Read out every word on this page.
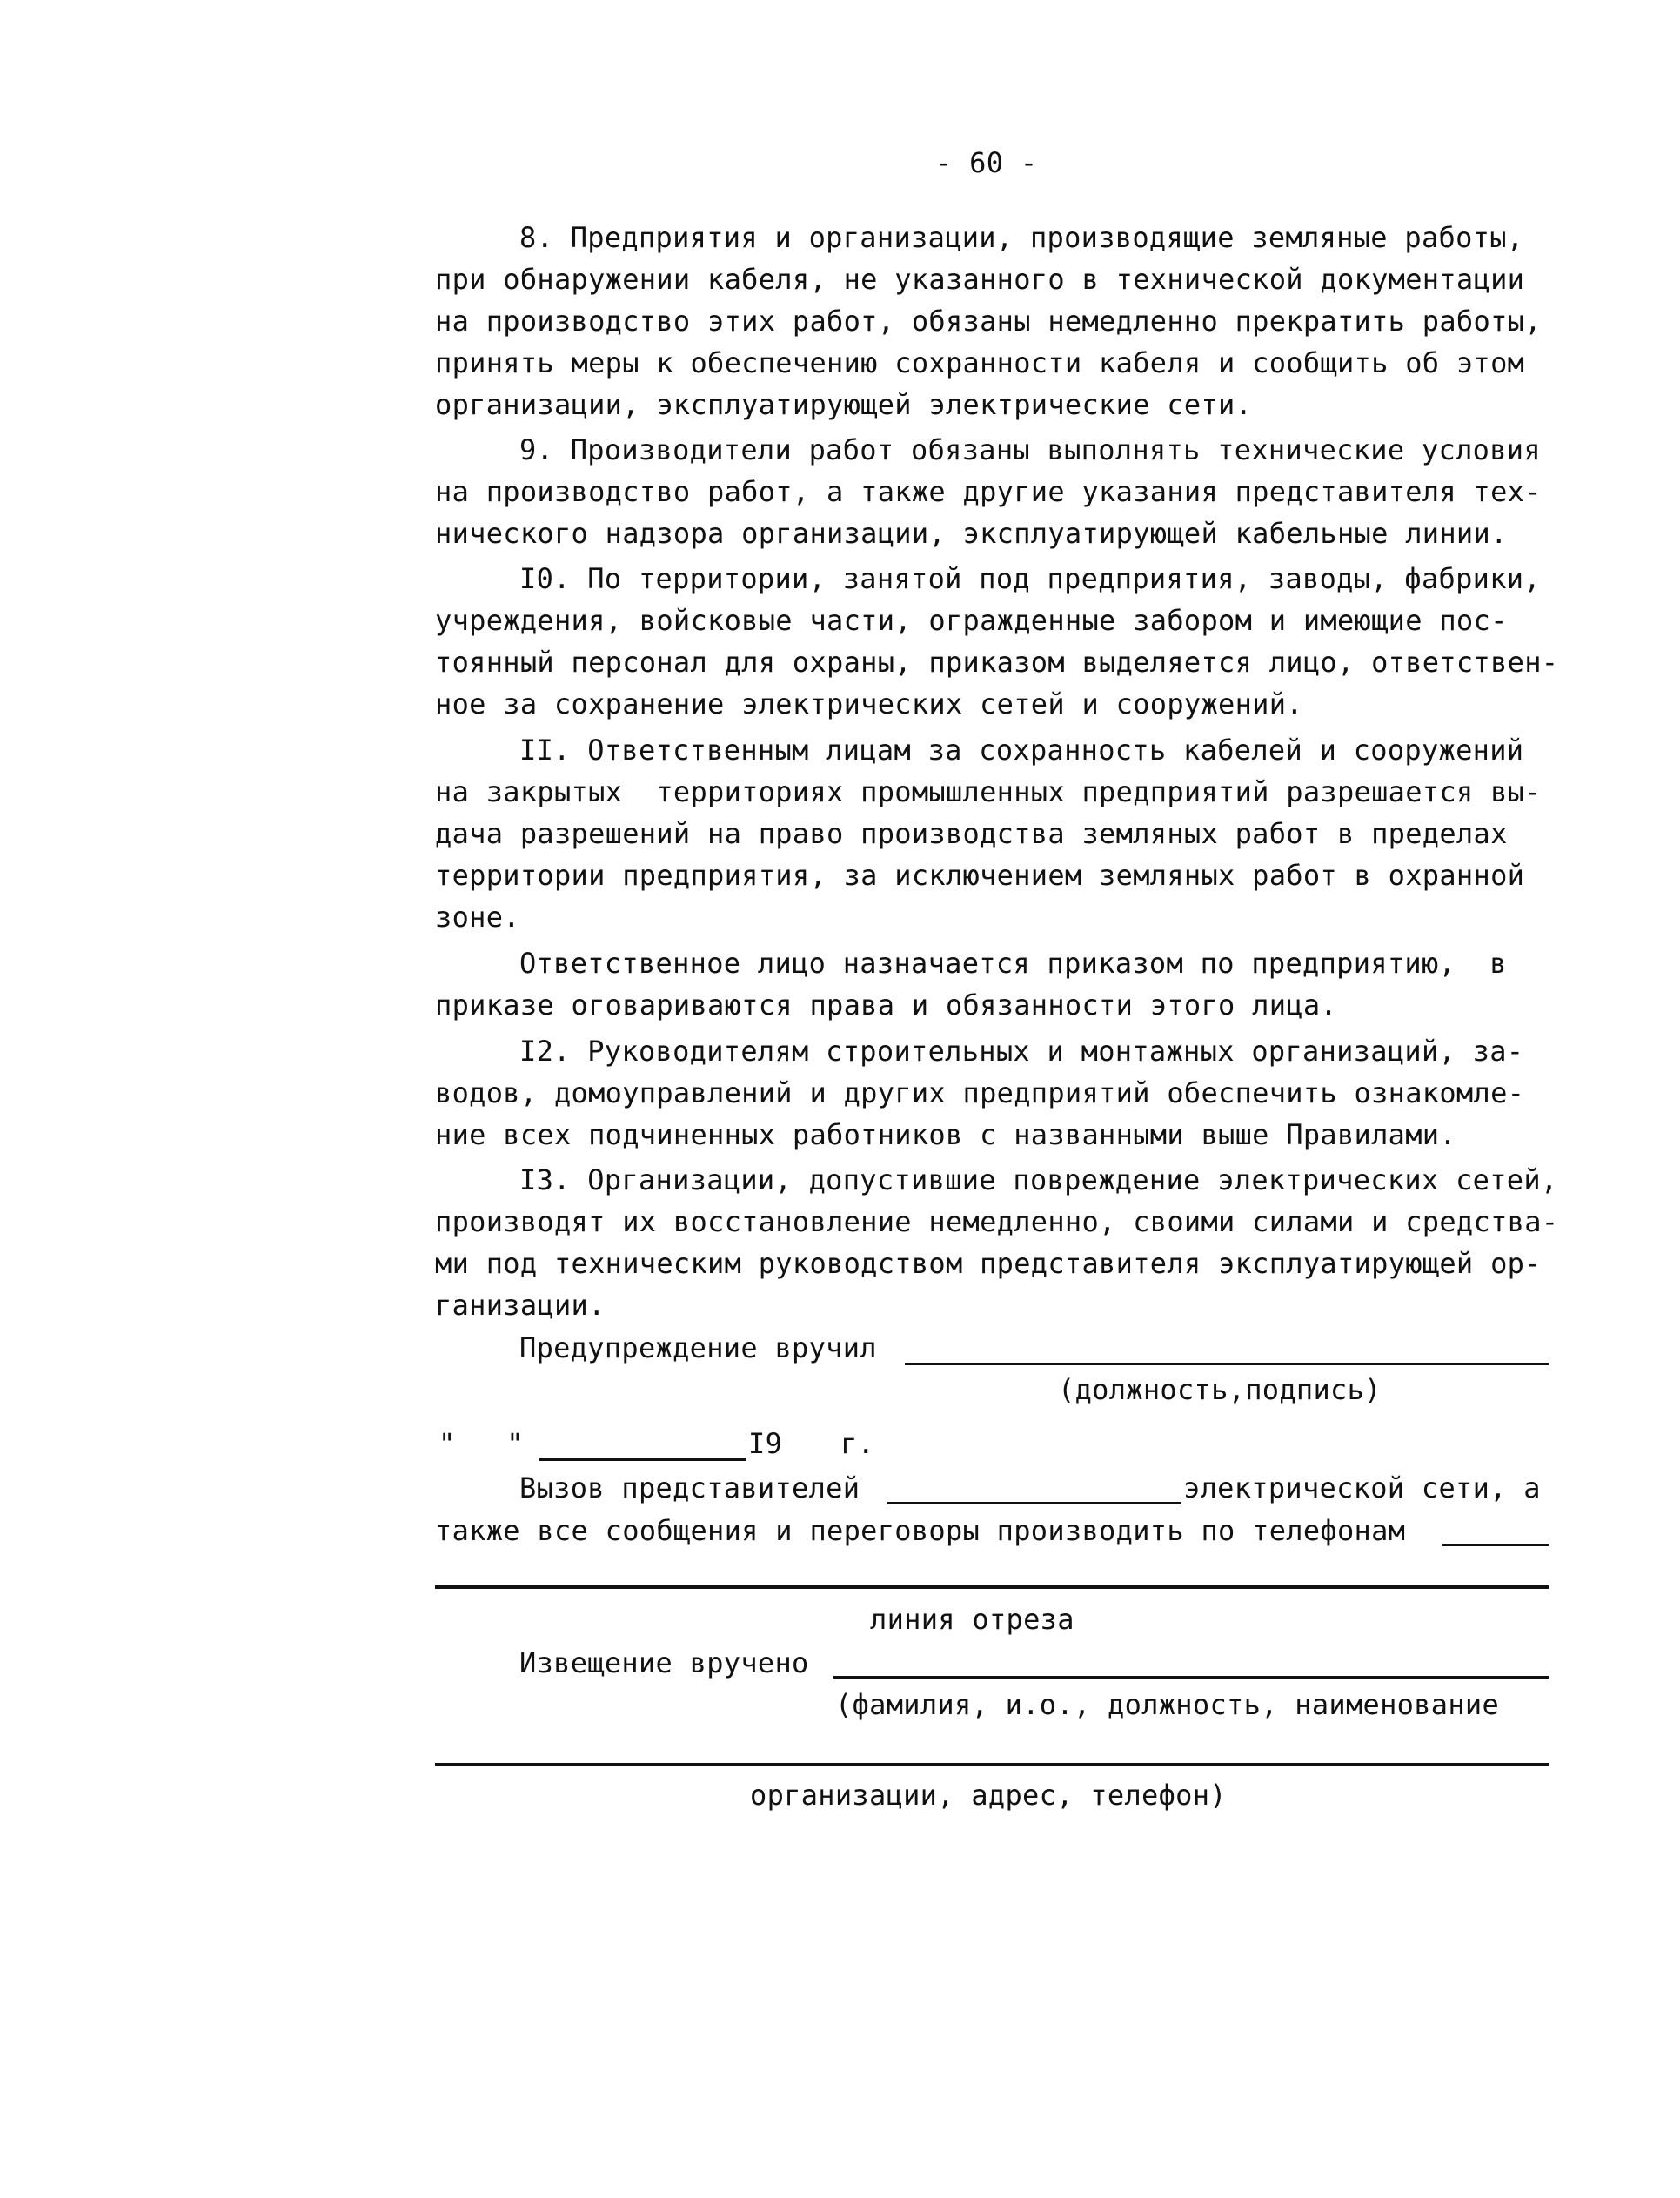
- 60 -
8. Предприятия и организации, производящие земляные работы,
при обнаружении кабеля, не указанного в технической документации
на производство этих работ, обязаны немедленно прекратить работы,
принять меры к обеспечению сохранности кабеля и сообщить об этом
организации, эксплуатирующей электрические сети.
9. Производители работ обязаны выполнять технические условия
на производство работ, а также другие указания представителя тех-
нического надзора организации, эксплуатирующей кабельные линии.
I0. По территории, занятой под предприятия, заводы, фабрики,
учреждения, войсковые части, огражденные забором и имеющие пос-
тоянный персонал для охраны, приказом выделяется лицо, ответствен-
ное за сохранение электрических сетей и сооружений.
II. Ответственным лицам за сохранность кабелей и сооружений
на закрытых  территориях промышленных предприятий разрешается вы-
дача разрешений на право производства земляных работ в пределах
территории предприятия, за исключением земляных работ в охранной
зоне.
Ответственное лицо назначается приказом по предприятию,  в
приказе оговариваются права и обязанности этого лица.
I2. Руководителям строительных и монтажных организаций, за-
водов, домоуправлений и других предприятий обеспечить ознакомле-
ние всех подчиненных работников с названными выше Правилами.
I3. Организации, допустившие повреждение электрических сетей,
производят их восстановление немедленно, своими силами и средства-
ми под техническим руководством представителя эксплуатирующей ор-
ганизации.
Предупреждение вручил
(должность,подпись)
"   "	I9 г.
Вызов представителей	электрической сети, а
также все сообщения и переговоры производить по телефонам
линия отреза
Извещение вручено
(фамилия, и.о., должность, наименование
организации, адрес, телефон)
